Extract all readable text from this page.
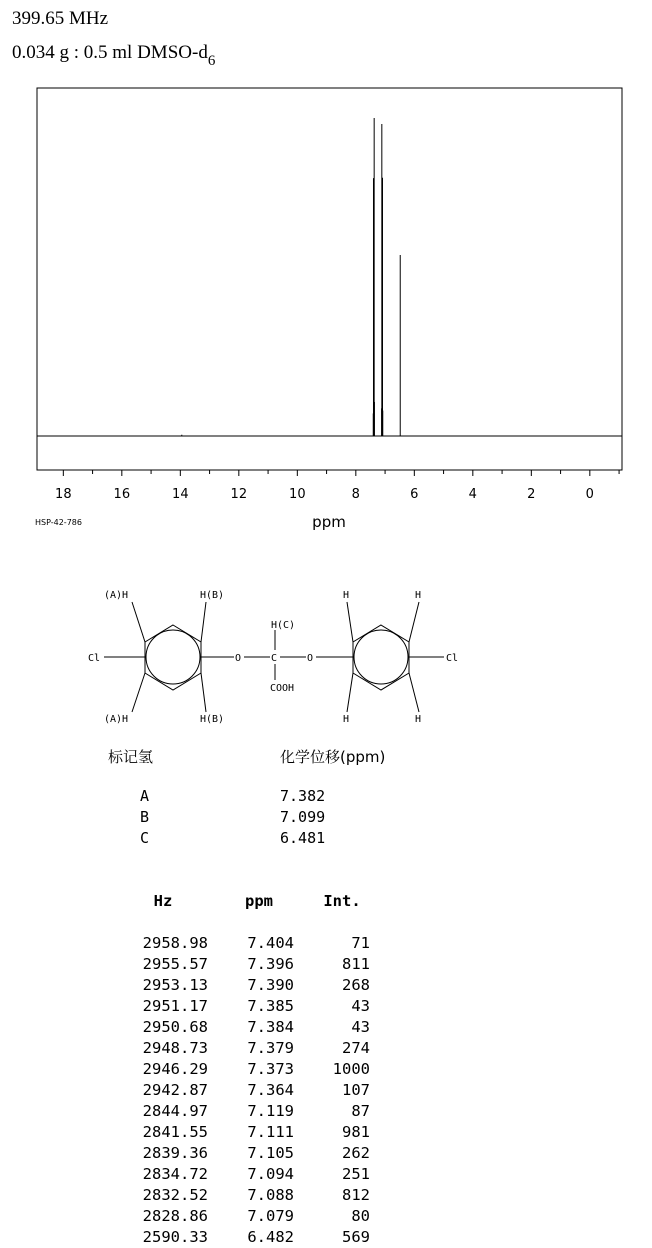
399.65 MHz
0.034 g : 0.5 ml DMSO-$d_6$
18	16	14	12	10	8	6	4	2	0
ppm
HSP-42-786
(A)H	H(B)
(A)H	H(B)
Cl	O	C
H(C)
COOH
O
H	H
H	H
Cl
标记氢	化学位移(ppm)
A	7.382
B	7.099
C	6.481
Hz	ppm	Int.
2958.98	7.404	71
2955.57	7.396	811
2953.13	7.390	268
2951.17	7.385	43
2950.68	7.384	43
2948.73	7.379	274
2946.29	7.373	1000
2942.87	7.364	107
2844.97	7.119	87
2841.55	7.111	981
2839.36	7.105	262
2834.72	7.094	251
2832.52	7.088	812
2828.86	7.079	80
2590.33	6.482	569
